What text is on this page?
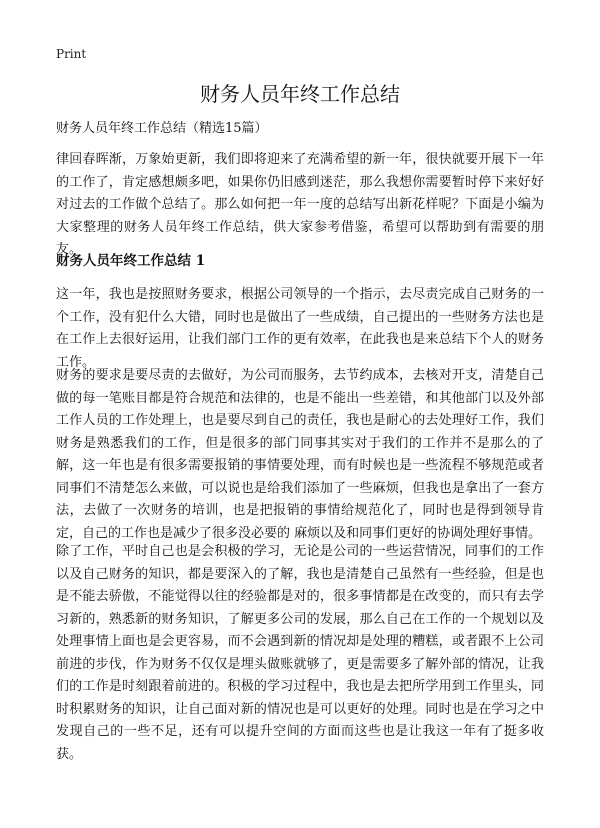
Print
财务人员年终工作总结
财务人员年终工作总结（精选15篇）

律回春晖渐，万象始更新，我们即将迎来了充满希望的新一年，很快就要开展下一年的工作了，肯定感想颇多吧，如果你仍旧感到迷茫，那么我想你需要暂时停下来好好对过去的工作做个总结了。那么如何把一年一度的总结写出新花样呢？下面是小编为大家整理的财务人员年终工作总结，供大家参考借鉴，希望可以帮助到有需要的朋友。

财务人员年终工作总结 1

这一年，我也是按照财务要求，根据公司领导的一个指示，去尽责完成自己财务的一个工作，没有犯什么大错，同时也是做出了一些成绩，自己提出的一些财务方法也是在工作上去很好运用，让我们部门工作的更有效率，在此我也是来总结下个人的财务工作。

财务的要求是要尽责的去做好，为公司而服务，去节约成本，去核对开支，清楚自己做的每一笔账目都是符合规范和法律的，也是不能出一些差错，和其他部门以及外部工作人员的工作处理上，也是要尽到自己的责任，我也是耐心的去处理好工作，我们财务是熟悉我们的工作，但是很多的部门同事其实对于我们的工作并不是那么的了解，这一年也是有很多需要报销的事情要处理，而有时候也是一些流程不够规范或者同事们不清楚怎么来做，可以说也是给我们添加了一些麻烦，但我也是拿出了一套方法，去做了一次财务的培训，也是把报销的事情给规范化了，同时也是得到领导肯定，自己的工作也是减少了很多没必要的 麻烦以及和同事们更好的协调处理好事情。

除了工作，平时自己也是会积极的学习，无论是公司的一些运营情况，同事们的工作以及自己财务的知识，都是要深入的了解，我也是清楚自己虽然有一些经验，但是也是不能去骄傲，不能觉得以往的经验都是对的，很多事情都是在改变的，而只有去学习新的，熟悉新的财务知识，了解更多公司的发展，那么自己在工作的一个规划以及处理事情上面也是会更容易，而不会遇到新的情况却是处理的糟糕，或者跟不上公司前进的步伐，作为财务不仅仅是埋头做账就够了，更是需要多了解外部的情况，让我们的工作是时刻跟着前进的。积极的学习过程中，我也是去把所学用到工作里头，同时积累财务的知识，让自己面对新的情况也是可以更好的处理。同时也是在学习之中发现自己的一些不足，还有可以提升空间的方面而这些也是让我这一年有了挺多收获。
